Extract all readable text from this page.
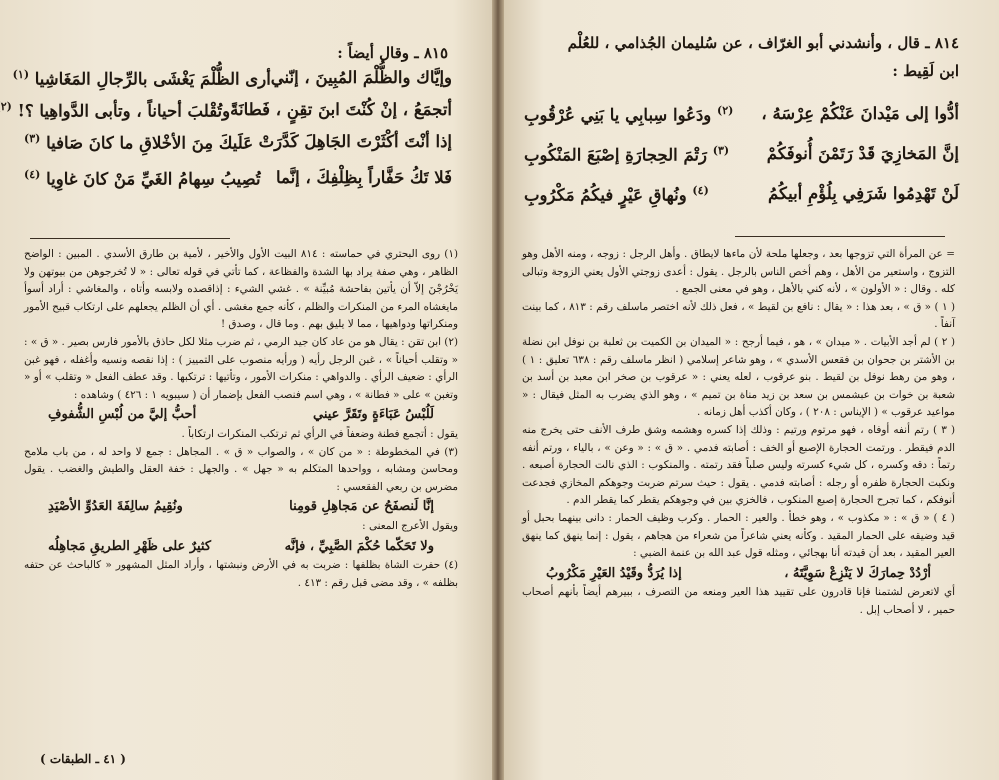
٨١٥ ـ وقال أيضاً :
وإيَّاك والظُّلْمَ المُبِينَ ، إنّني
أرى الظُّلْمَ يَغْشَى بالرِّجالِ المَغَاشِيا $^{(١)}$
أتجمَعُ ، إنْ كُنْتَ ابنَ تقِنٍ ، فَطانَةً
وتُقْلبَ أحياناً ، وتأبى الدَّواهِيا ؟! $^{(٢}$
إذا أنْتَ أكْثَرْتَ الجَاهِلَ كَدَّرَتْ
عَلَيكَ مِنَ الأخْلاقِ ما كانَ صَافيا $^{(٣)}$
فَلا تَكُ حَفَّاراً بِظِلْفِكَ ، إنَّما
تُصِيبُ سِهامُ الغَيِّ مَنْ كانَ غاوِيا $^{(٤)}$

(١) روى البحتري في حماسته : ٨١٤ البيت الأول والأخير ، لأمية بن طارق الأسدي . المبين : الواضح الظاهر ، وهي صفة يراد بها الشدة والفظاعة ، كما تأتي في قوله تعالى : « لا تُخرجوهن من بيوتهن ولا يَخْرُجْنَ إلاّ أن يأتين بفاحشة مُبيِّنة » . غشي الشيء : إذاقصده ولابسه وأتاه ، والمغاشي : أراد أسوأ مايغشاه المرء من المنكرات والظلم ، كأنه جمع مغشى . أي أن الظلم يجعلهم على ارتكاب قبيح الأمور ومنكراتها ودواهيها ، مما لا يليق بهم . وما قال ، وصدق !

(٢) ابن تقن : يقال هو من عاد كان جيد الرمي ، ثم ضرب مثلا لكل حاذق بالأمور فارس بصير . « ق » : « وتقلب أحياناً » ، غبن الرجل رأيه ( ورأيه منصوب على التمييز ) : إذا نقصه ونسيه وأغفله ، فهو غبن الرأي : ضعيف الرأي . والدواهي : منكرات الأمور ، وتأتيها : ترتكبها . وقد عطف الفعل « وتقلب » أو « وتغبن » على « فطانة » ، وهي اسم فنصب الفعل بإضمار أن ( سيبويه ١ : ٤٢٦ ) وشاهده :

لَلُبْسُ عَبَاءَةٍ وتَقَرَّ عيني
أحبُّ إليَّ من لُبْسِ الشُّفوفِ

يقول : أتجمع فطنة وضعفاً في الرأي ثم ترتكب المنكرات ارتكاباً .

(٣) في المخطوطة : « من كان » ، والصواب « ق » . المجاهل : جمع لا واحد له ، من باب ملامح ومحاسن ومشابه ، وواحدها المتكلم به « جهل » . والجهل : خفة العقل والطيش والغضب . يقول مضرس بن ربعي الفقعسي :

إنَّا لَنصفَحُ عن مَجاهِلِ قومِنا
ونُقِيمُ سالِفَةَ العَدُوِّ الأصْيَدِ

ويقول الأعرج المعنى :

ولا تَحَكّما حُكْمَ الصَّبِيِّ ، فإنَّه
كثيرٌ على ظَهْرِ الطريقِ مَجاهِلُه

(٤) حفرت الشاة بظلفها : ضربت به في الأرض ونبشتها ، وأراد المثل المشهور « كالباحث عن حتفه بظلفه » ، وقد مضى قبل رقم : ٤١٣ .

( ٤١ ـ الطبقات )
٨١٤ ـ قال ، وأنشدني أبو الغرّاف ، عن سُليمان الجُذامي ، للعُلْم
ابن لَقِيط :
أدُّوا إلى مَيْدانَ عَنْكُمْ عِرْسَهُ ،
$^{(٢)}$ ودَعُوا سِبابِي يا بَنِي عُرْقُوبِ
إنَّ المَخازِيَ قَدْ رَتَمْنَ أُنوفَكُمْ
$^{(٣)}$ رَتْمَ الحِجارَةِ إصْبَعَ المَنْكُوبِ
لَنْ تَهْدِمُوا شَرَفِي بِلُؤْمِ أبيكُمُ
$^{(٤)}$ ونُهاقِ عَيْرٍ فيكُمُ مَكْرُوبِ

= عن المرأة التي تزوجها بعد ، وجعلها ملحة لأن ماءها لايطاق . وأهل الرجل : زوجه ، ومنه الأهل وهو التزوج ، واستعير من الأهل ، وهم أخص الناس بالرجل . يقول : أعدى زوجتي الأول يعني الزوجة وتبالى كله . وقال : « الأولون » ، لأنه كني بالأهل ، وهو في معنى الجمع .

( ١ ) « ق » ، بعد هذا : « يقال : نافع بن لقيط » ، فعل ذلك لأنه اختصر ماسلف رقم : ٨١٣ ، كما بينت آنفاً .

( ٢ ) لم أجد الأبيات . « ميدان » ، هو ، فيما أرجح : « الميدان بن الكميت بن ثعلبة بن نوفل ابن نضلة بن الأشتر بن جحوان بن فقعس الأسدي » ، وهو شاعر إسلامي ( انظر ماسلف رقم : ٦٣٨ تعليق : ١ ) ، وهو من رهط نوفل بن لقيط . بنو عرقوب ، لعله يعني : « عرقوب بن صخر ابن معبد بن أسد بن شعبة بن خوات بن عبشمس بن سعد بن زيد مناة بن تميم » ، وهو الذي يضرب به المثل فيقال : « مواعيد عرقوب » ( الإيناس : ٢٠٨ ) ، وكان أكذب أهل زمانه .

( ٣ ) رتم أنفه أوفاه ، فهو مرتوم ورتيم : وذلك إذا كسره وهشمه وشق طرف الأنف حتى يخرج منه الدم فيقطر . ورتمت الحجارة الإصبع أو الخف : أصابته فدمي . « ق » : « وعن » ، بالياء ، ورتم أنفه رتماً : دقه وكسره ، كل شيء كسرته وليس صلباً فقد رتمته . والمنكوب : الذي نالت الحجارة أصبعه . ونكبت الحجارة ظفره أو رجله : أصابته فدمي . يقول : حيث سرتم ضربت وجوهكم المخازي فجدعت أنوفكم ، كما تجرح الحجارة إصبع المنكوب ، فالخزي بين في وجوهكم يقطر كما يقطر الدم .

( ٤ ) « ق » : « مكذوب » ، وهو خطأ . والعير : الحمار . وكرب وظيف الحمار : دانى بينهما بحبل أو قيد وضيقه على الحمار المقيد . وكأنه يعني شاعراً من شعراء من هجاهم ، يقول : إنما ينهق كما ينهق العير المقيد ، بعد أن قيدته أنا بهجائي ، ومثله قول عبد الله بن عنمة الضبي :

أرْدُدْ حِمارَكَ لا يَنْزِعْ سَوِيَّتَهُ ،
إذا يُرَدُّ وقَيْدُ العَيْرِ مَكْرُوبُ

أي لاتعرض لشتمنا فإنا قادرون على تقييد هذا العير ومنعه من التصرف ، ببيرهم أيضاً بأنهم أصحاب حمير ، لا أصحاب إبل .
